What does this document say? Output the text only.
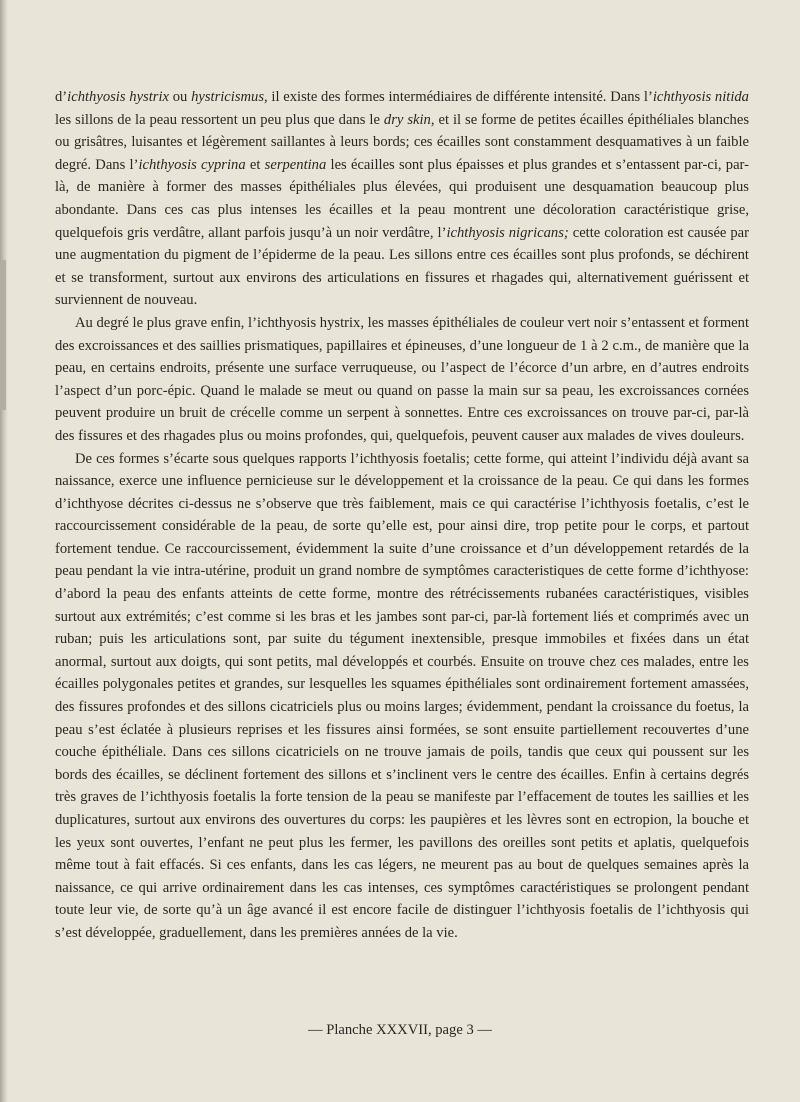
d’ichthyosis hystrix ou hystricismus, il existe des formes intermédiaires de différente intensité. Dans l’ichthyosis nitida les sillons de la peau ressortent un peu plus que dans le dry skin, et il se forme de petites écailles épithéliales blanches ou grisâtres, luisantes et légèrement saillantes à leurs bords; ces écailles sont constamment desquamatives à un faible degré. Dans l’ichthyosis cyprina et serpentina les écailles sont plus épaisses et plus grandes et s’entassent par-ci, par-là, de manière à former des masses épithéliales plus élevées, qui produisent une desquamation beaucoup plus abondante. Dans ces cas plus intenses les écailles et la peau montrent une décoloration caractéristique grise, quelquefois gris verdâtre, allant parfois jusqu’à un noir verdâtre, l’ichthyosis nigricans; cette coloration est causée par une augmentation du pigment de l’épiderme de la peau. Les sillons entre ces écailles sont plus profonds, se déchirent et se transforment, surtout aux environs des articulations en fissures et rhagades qui, alternativement guérissent et surviennent de nouveau.

Au degré le plus grave enfin, l’ichthyosis hystrix, les masses épithéliales de couleur vert noir s’entassent et forment des excroissances et des saillies prismatiques, papillaires et épineuses, d’une longueur de 1 à 2 c.m., de manière que la peau, en certains endroits, présente une surface verruqueuse, ou l’aspect de l’écorce d’un arbre, en d’autres endroits l’aspect d’un porc-épic. Quand le malade se meut ou quand on passe la main sur sa peau, les excroissances cornées peuvent produire un bruit de crécelle comme un serpent à sonnettes. Entre ces excroissances on trouve par-ci, par-là des fissures et des rhagades plus ou moins profondes, qui, quelquefois, peuvent causer aux malades de vives douleurs.

De ces formes s’écarte sous quelques rapports l’ichthyosis foetalis; cette forme, qui atteint l’individu déjà avant sa naissance, exerce une influence pernicieuse sur le développement et la croissance de la peau. Ce qui dans les formes d’ichthyose décrites ci-dessus ne s’observe que très faiblement, mais ce qui caractérise l’ichthyosis foetalis, c’est le raccourcissement considérable de la peau, de sorte qu’elle est, pour ainsi dire, trop petite pour le corps, et partout fortement tendue. Ce raccourcissement, évidemment la suite d’une croissance et d’un développement retardés de la peau pendant la vie intra-utérine, produit un grand nombre de symptômes caracteristiques de cette forme d’ichthyose: d’abord la peau des enfants atteints de cette forme, montre des rétrécissements rubanées caractéristiques, visibles surtout aux extrémités; c’est comme si les bras et les jambes sont par-ci, par-là fortement liés et comprimés avec un ruban; puis les articulations sont, par suite du tégument inextensible, presque immobiles et fixées dans un état anormal, surtout aux doigts, qui sont petits, mal développés et courbés. Ensuite on trouve chez ces malades, entre les écailles polygonales petites et grandes, sur lesquelles les squames épithéliales sont ordinairement fortement amassées, des fissures profondes et des sillons cicatriciels plus ou moins larges; évidemment, pendant la croissance du foetus, la peau s’est éclatée à plusieurs reprises et les fissures ainsi formées, se sont ensuite partiellement recouvertes d’une couche épithéliale. Dans ces sillons cicatriciels on ne trouve jamais de poils, tandis que ceux qui poussent sur les bords des écailles, se déclinent fortement des sillons et s’inclinent vers le centre des écailles. Enfin à certains degrés très graves de l’ichthyosis foetalis la forte tension de la peau se manifeste par l’effacement de toutes les saillies et les duplicatures, surtout aux environs des ouvertures du corps: les paupières et les lèvres sont en ectropion, la bouche et les yeux sont ouvertes, l’enfant ne peut plus les fermer, les pavillons des oreilles sont petits et aplatis, quelquefois même tout à fait effacés. Si ces enfants, dans les cas légers, ne meurent pas au bout de quelques semaines après la naissance, ce qui arrive ordinairement dans les cas intenses, ces symptômes caractéristiques se prolongent pendant toute leur vie, de sorte qu’à un âge avancé il est encore facile de distinguer l’ichthyosis foetalis de l’ichthyosis qui s’est développée, graduellement, dans les premières années de la vie.

— Planche XXXVII, page 3 —
